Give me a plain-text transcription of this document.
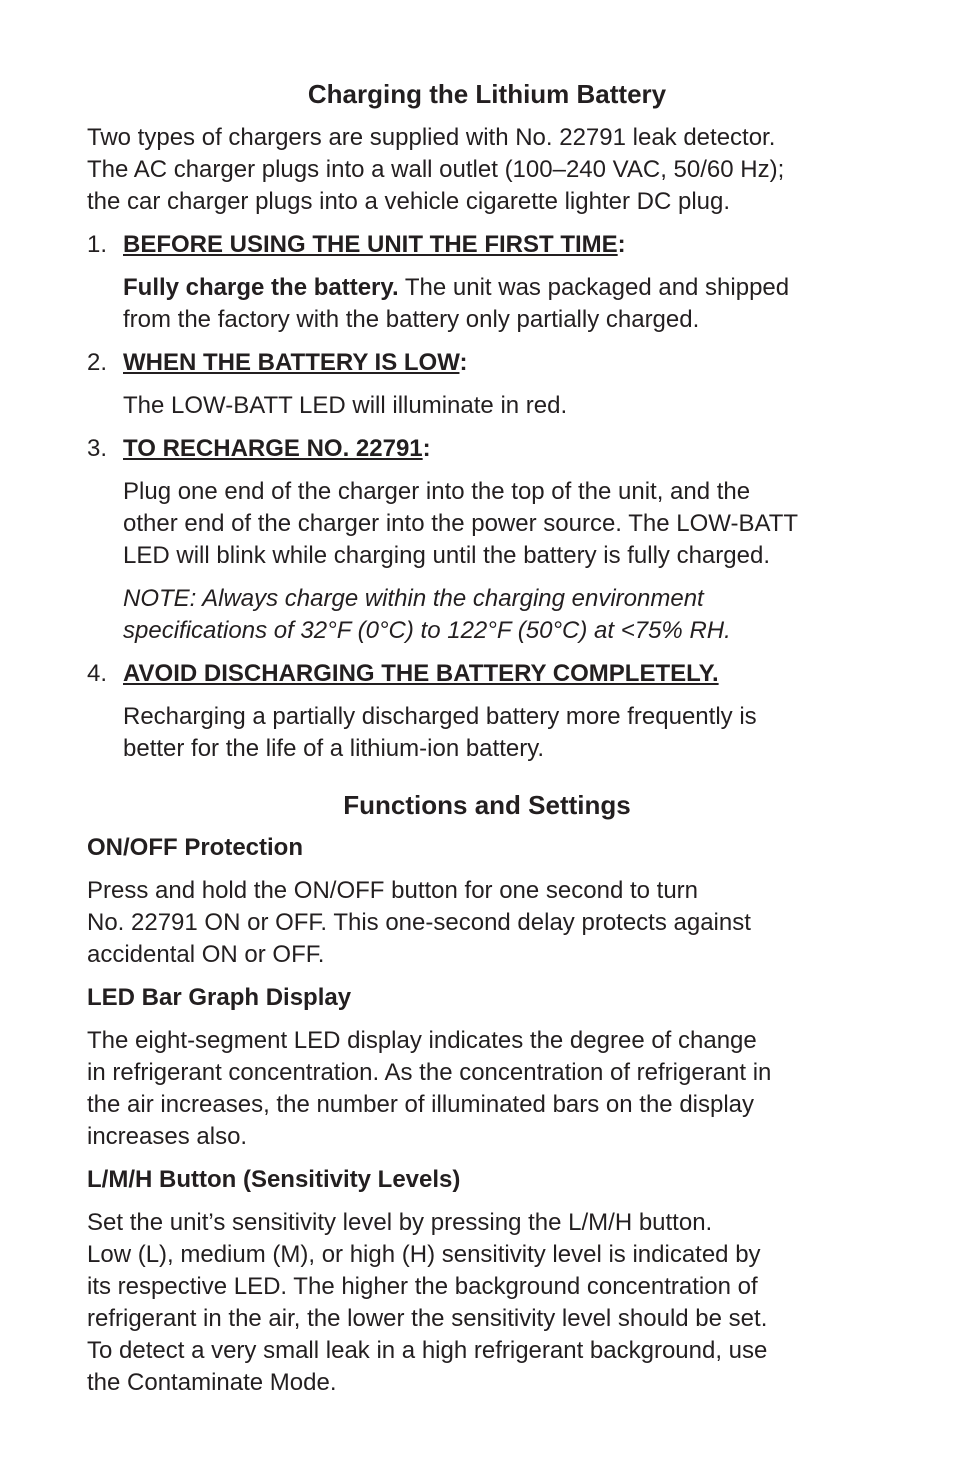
Charging the Lithium Battery

Two types of chargers are supplied with No. 22791 leak detector.
The AC charger plugs into a wall outlet (100–240 VAC, 50/60 Hz);
the car charger plugs into a vehicle cigarette lighter DC plug.

1. BEFORE USING THE UNIT THE FIRST TIME:

Fully charge the battery. The unit was packaged and shipped
from the factory with the battery only partially charged.

2. WHEN THE BATTERY IS LOW:

The LOW-BATT LED will illuminate in red.

3. TO RECHARGE NO. 22791:

Plug one end of the charger into the top of the unit, and the
other end of the charger into the power source. The LOW-BATT
LED will blink while charging until the battery is fully charged.

NOTE: Always charge within the charging environment
specifications of 32°F (0°C) to 122°F (50°C) at <75% RH.

4. AVOID DISCHARGING THE BATTERY COMPLETELY.

Recharging a partially discharged battery more frequently is
better for the life of a lithium-ion battery.

Functions and Settings
ON/OFF Protection

Press and hold the ON/OFF button for one second to turn
No. 22791 ON or OFF. This one-second delay protects against
accidental ON or OFF.

LED Bar Graph Display

The eight-segment LED display indicates the degree of change
in refrigerant concentration. As the concentration of refrigerant in
the air increases, the number of illuminated bars on the display
increases also.

L/M/H Button (Sensitivity Levels)

Set the unit’s sensitivity level by pressing the L/M/H button.
Low (L), medium (M), or high (H) sensitivity level is indicated by
its respective LED. The higher the background concentration of
refrigerant in the air, the lower the sensitivity level should be set.
To detect a very small leak in a high refrigerant background, use
the Contaminate Mode.
